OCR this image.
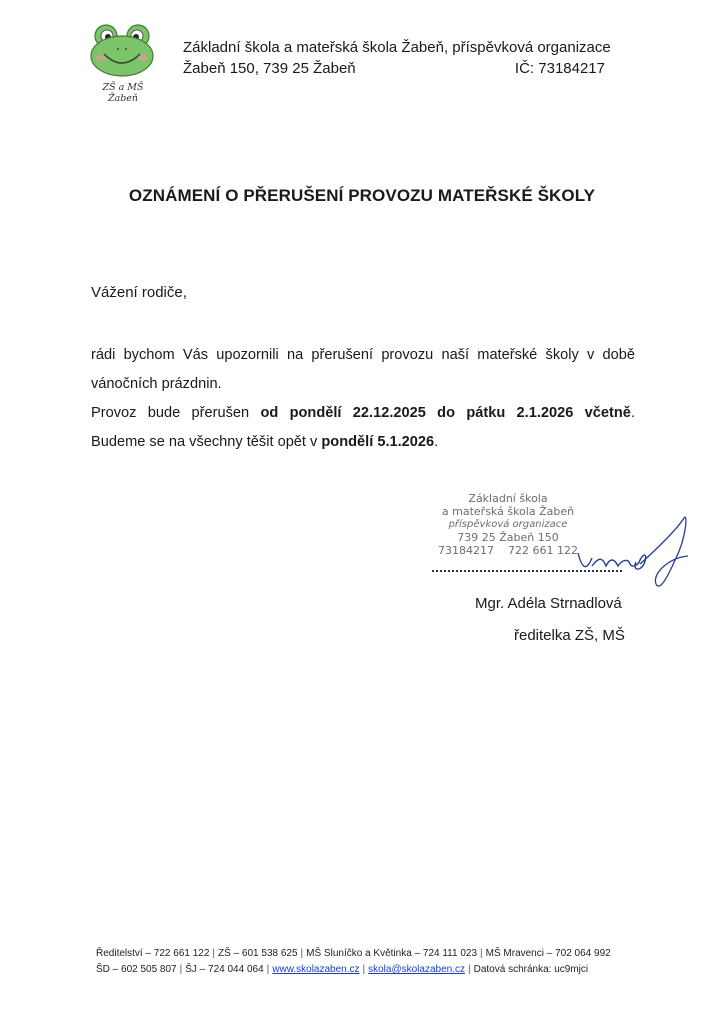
ZŠ a MŠ Žabeň
Základní škola a mateřská škola Žabeň, příspěvková organizace
Žabeň 150, 739 25 Žabeň	IČ: 73184217
OZNÁMENÍ O PŘERUŠENÍ PROVOZU MATEŘSKÉ ŠKOLY
Vážení rodiče,

rádi bychom Vás upozornili na přerušení provozu naší mateřské školy v době

vánočních prázdnin.

Provoz bude přerušen od pondělí 22.12.2025 do pátku 2.1.2026 včetně.

Budeme se na všechny těšit opět v pondělí 5.1.2026.

Základní škola
a mateřská škola Žabeň
příspěvková organizace
739 25 Žabeň 150
73184217 722 661 122
Mgr. Adéla Strnadlová
ředitelka ZŠ, MŠ
Ředitelství – 722 661 122 | ZŠ – 601 538 625 | MŠ Sluníčko a Květinka – 724 111 023 | MŠ Mravenci – 702 064 992
ŠD – 602 505 807 | ŠJ – 724 044 064 | www.skolazaben.cz | skola@skolazaben.cz | Datová schránka: uc9mjci
